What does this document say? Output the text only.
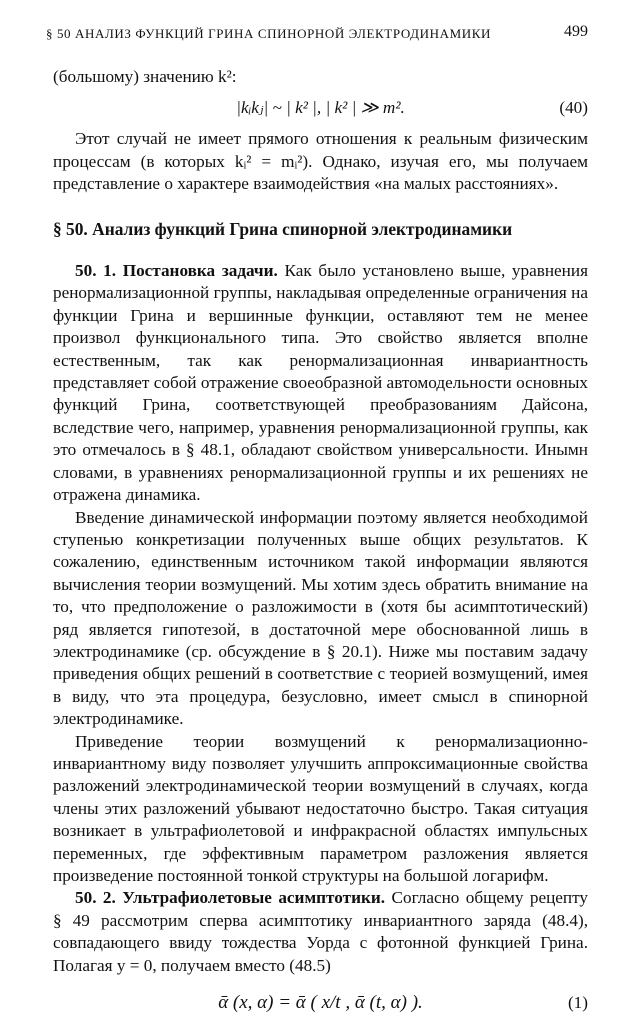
§ 50 АНАЛИЗ ФУНКЦИЙ ГРИНА СПИНОРНОЙ ЭЛЕКТРОДИНАМИКИ	499

(большому) значению k²:

|kᵢkⱼ| ~ | k² |, | k² | ≫ m².	(40)

Этот случай не имеет прямого отношения к реальным физическим процессам (в которых kᵢ² = mᵢ²). Однако, изучая его, мы получаем представление о характере взаимодействия «на малых расстояниях».

§ 50. Анализ функций Грина спинорной электродинамики

50. 1. Постановка задачи. Как было установлено выше, уравнения ренормализационной группы, накладывая определенные ограничения на функции Грина и вершинные функции, оставляют тем не менее произвол функционального типа. Это свойство является вполне естественным, так как ренормализационная инвариантность представляет собой отражение своеобразной автомодельности основных функций Грина, соответствующей преобразованиям Дайсона, вследствие чего, например, уравнения ренормализационной группы, как это отмечалось в § 48.1, обладают свойством универсальности. Инымн словами, в уравнениях ренормализационной группы и их решениях не отражена динамика.

Введение динамической информации поэтому является необходимой ступенью конкретизации полученных выше общих результатов. К сожалению, единственным источником такой информации являются вычисления теории возмущений. Мы хотим здесь обратить внимание на то, что предположение о разложимости в (хотя бы асимптотический) ряд является гипотезой, в достаточной мере обоснованной лишь в электродинамике (ср. обсуждение в § 20.1). Ниже мы поставим задачу приведения общих решений в соответствие с теорией возмущений, имея в виду, что эта процедура, безусловно, имеет смысл в спинорной электродинамике.

Приведение теории возмущений к ренормализационно-инвариантному виду позволяет улучшить аппроксимационные свойства разложений электродинамической теории возмущений в случаях, когда члены этих разложений убывают недостаточно быстро. Такая ситуация возникает в ультрафиолетовой и инфракрасной областях импульсных переменных, где эффективным параметром разложения является произведение постоянной тонкой структуры на большой логарифм.

50. 2. Ультрафиолетовые асимптотики. Согласно общему рецепту § 49 рассмотрим сперва асимптотику инвариантного заряда (48.4), совпадающего ввиду тождества Уорда с фотонной функцией Грина. Полагая y = 0, получаем вместо (48.5)

ᾱ (x, α) = ᾱ ( x/t , ᾱ (t, α) ).	(1)
